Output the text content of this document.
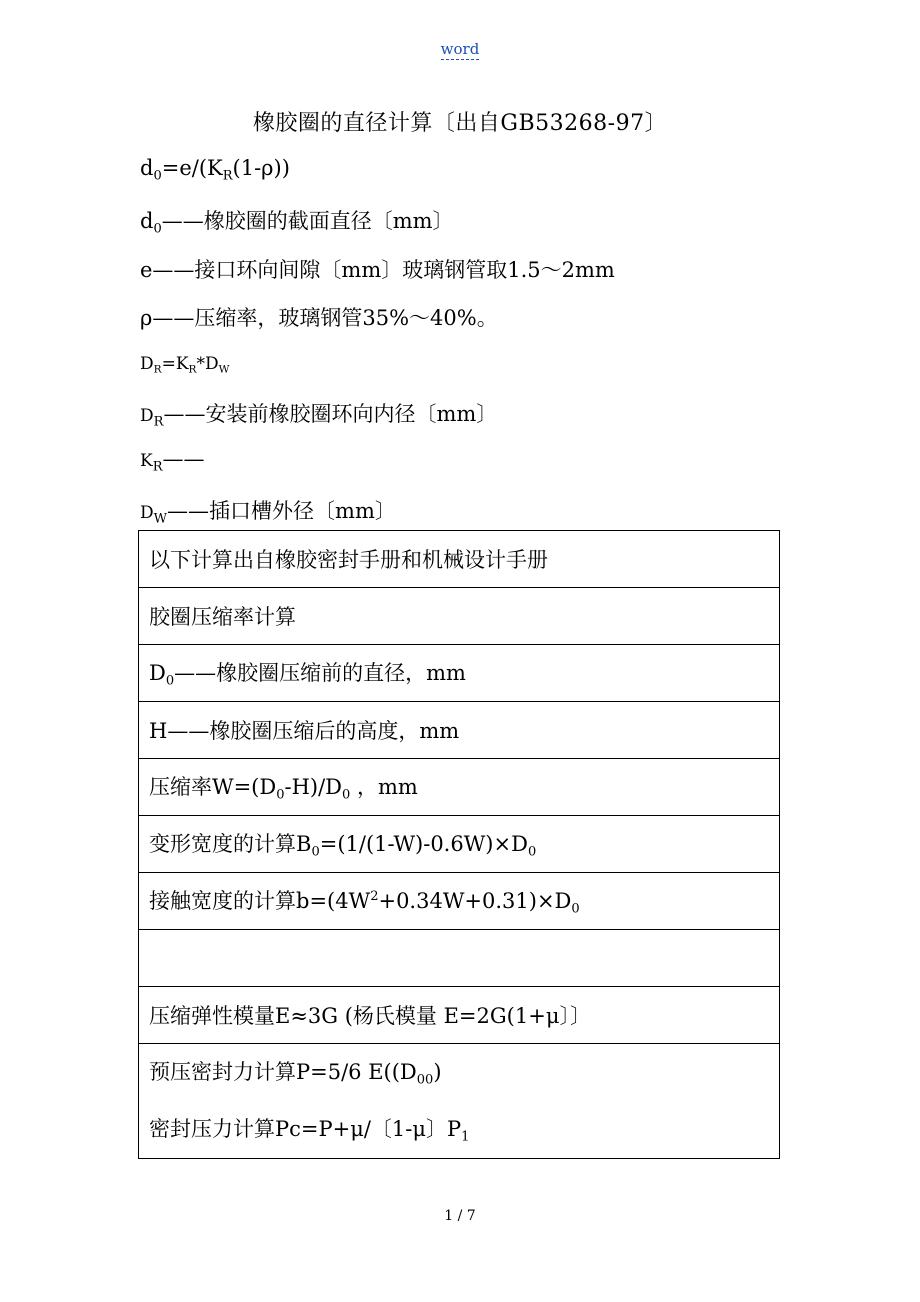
word
橡胶圈的直径计算〔出自GB53268-97〕
$d_0=e/(K_R(1-\rho))$
$d_0——$橡胶圈的截面直径〔mm〕
e——接口环向间隙〔mm〕玻璃钢管取1.5～2mm
ρ——压缩率，玻璃钢管35%～40%。
$D_R=K_R*D_W$
$D_R——$安装前橡胶圈环向内径〔mm〕
$K_R——$
$D_W——$插口槽外径〔mm〕
以下计算出自橡胶密封手册和机械设计手册
胶圈压缩率计算
$D_0——$橡胶圈压缩前的直径，mm
H——橡胶圈压缩后的高度，mm
压缩率$W=(D_0-H)/D_0$ ，mm
变形宽度的计算$B_0=(1/(1-W)-0.6W)\times D_0$
接触宽度的计算$b=(4W^2+0.34W+0.31)\times D_0$

压缩弹性模量E≈3G (杨氏模量 E=2G(1+μ〕〕

预压密封力计算P=5/6 $E((D_{00})$
密封压力计算Pc=P+μ/〔1-μ〕$P_1$
1 / 7
